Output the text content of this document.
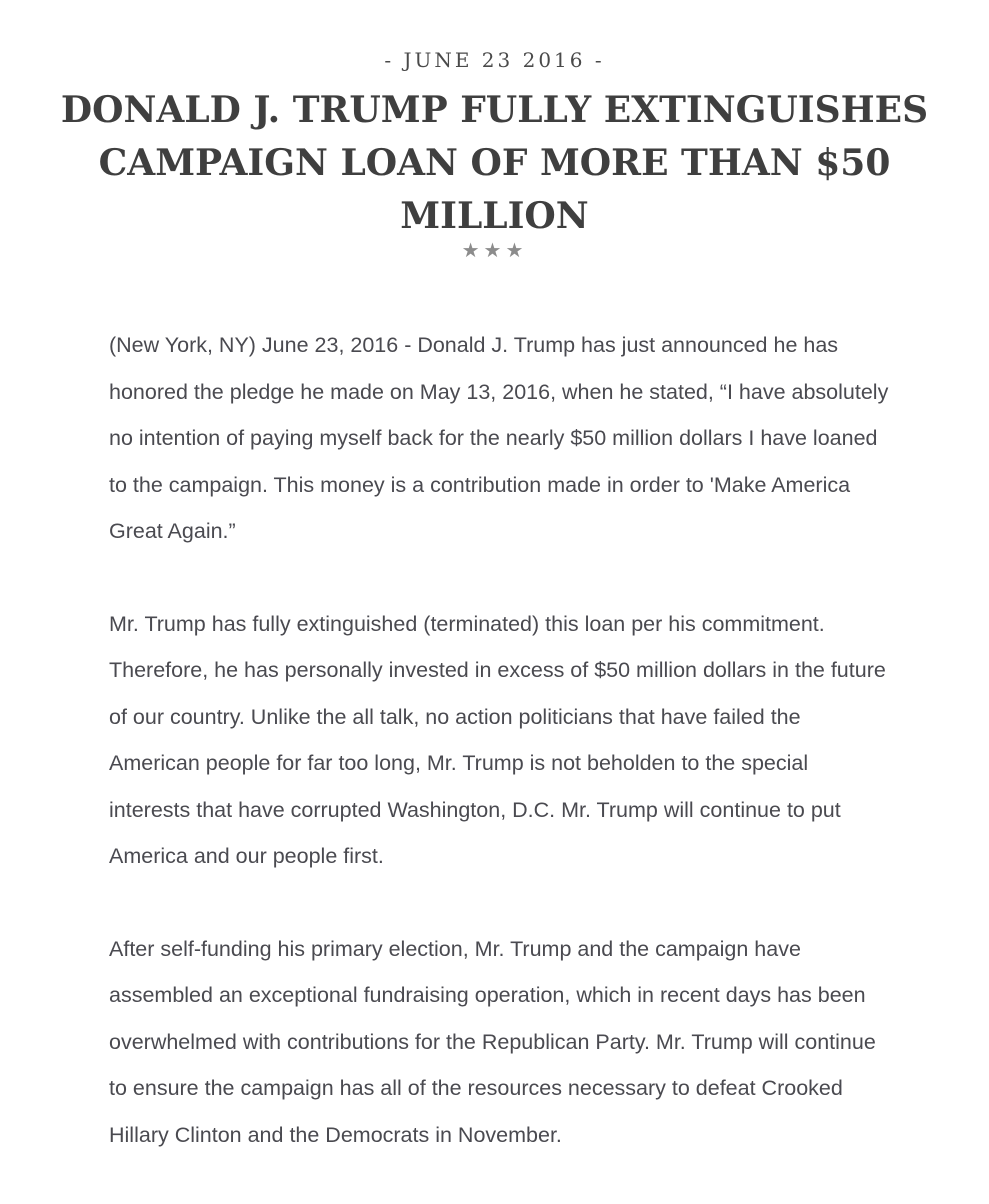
- JUNE 23 2016 -
DONALD J. TRUMP FULLY EXTINGUISHES CAMPAIGN LOAN OF MORE THAN $50 MILLION
★★★

(New York, NY) June 23, 2016 - Donald J. Trump has just announced he has honored the pledge he made on May 13, 2016, when he stated, “I have absolutely no intention of paying myself back for the nearly $50 million dollars I have loaned to the campaign. This money is a contribution made in order to 'Make America Great Again.”

Mr. Trump has fully extinguished (terminated) this loan per his commitment. Therefore, he has personally invested in excess of $50 million dollars in the future of our country. Unlike the all talk, no action politicians that have failed the American people for far too long, Mr. Trump is not beholden to the special interests that have corrupted Washington, D.C. Mr. Trump will continue to put America and our people first.

After self-funding his primary election, Mr. Trump and the campaign have assembled an exceptional fundraising operation, which in recent days has been overwhelmed with contributions for the Republican Party. Mr. Trump will continue to ensure the campaign has all of the resources necessary to defeat Crooked Hillary Clinton and the Democrats in November.
